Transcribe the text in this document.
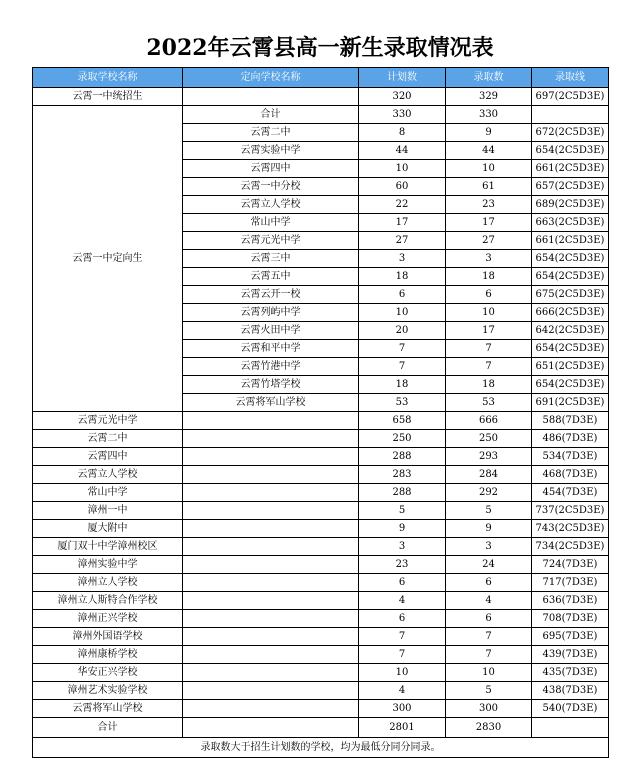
2022年云霄县高一新生录取情况表
录取学校名称	定向学校名称	计划数	录取数	录取线
云霄一中统招生		320	329	697(2C5D3E)
云霄一中定向生	合计	330	330	
	云霄二中	8	9	672(2C5D3E)
	云霄实验中学	44	44	654(2C5D3E)
	云霄四中	10	10	661(2C5D3E)
	云霄一中分校	60	61	657(2C5D3E)
	云霄立人学校	22	23	689(2C5D3E)
	常山中学	17	17	663(2C5D3E)
	云霄元光中学	27	27	661(2C5D3E)
	云霄三中	3	3	654(2C5D3E)
	云霄五中	18	18	654(2C5D3E)
	云霄云开一校	6	6	675(2C5D3E)
	云霄列屿中学	10	10	666(2C5D3E)
	云霄火田中学	20	17	642(2C5D3E)
	云霄和平中学	7	7	654(2C5D3E)
	云霄竹港中学	7	7	651(2C5D3E)
	云霄竹塔学校	18	18	654(2C5D3E)
	云霄将军山学校	53	53	691(2C5D3E)
云霄元光中学		658	666	588(7D3E)
云霄二中		250	250	486(7D3E)
云霄四中		288	293	534(7D3E)
云霄立人学校		283	284	468(7D3E)
常山中学		288	292	454(7D3E)
漳州一中		5	5	737(2C5D3E)
厦大附中		9	9	743(2C5D3E)
厦门双十中学漳州校区		3	3	734(2C5D3E)
漳州实验中学		23	24	724(7D3E)
漳州立人学校		6	6	717(7D3E)
漳州立人斯特合作学校		4	4	636(7D3E)
漳州正兴学校		6	6	708(7D3E)
漳州外国语学校		7	7	695(7D3E)
漳州康桥学校		7	7	439(7D3E)
华安正兴学校		10	10	435(7D3E)
漳州艺术实验学校		4	5	438(7D3E)
云霄将军山学校		300	300	540(7D3E)
合计		2801	2830	
录取数大于招生计划数的学校，均为最低分同分同录。				
